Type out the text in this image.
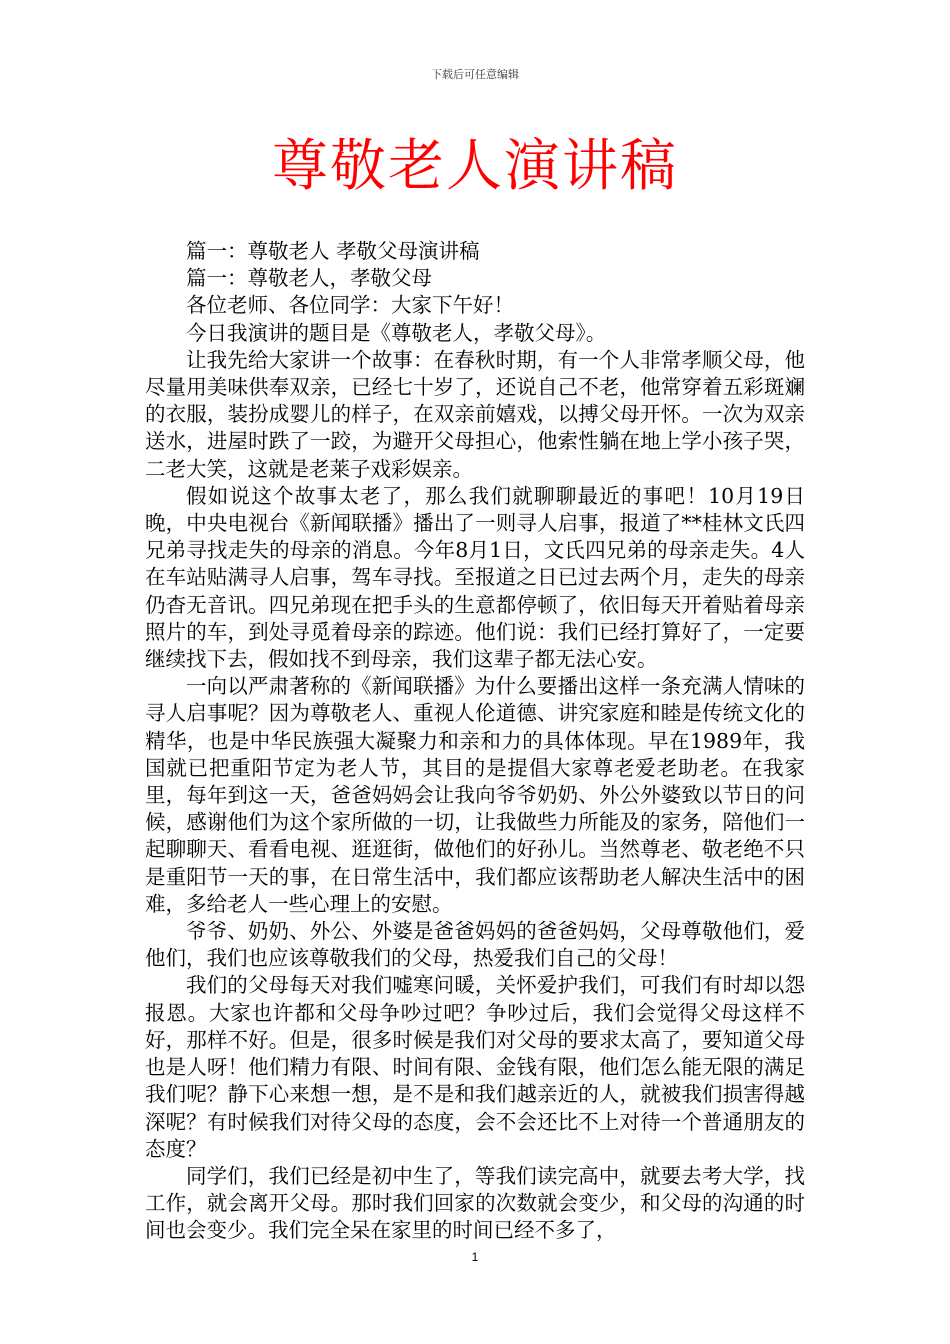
下载后可任意编辑
尊敬老人演讲稿

篇一：尊敬老人 孝敬父母演讲稿

篇一：尊敬老人，孝敬父母

各位老师、各位同学：大家下午好！

今日我演讲的题目是《尊敬老人，孝敬父母》。

让我先给大家讲一个故事：在春秋时期，有一个人非常孝顺父母，他尽量用美味供奉双亲，已经七十岁了，还说自己不老，他常穿着五彩斑斓的衣服，装扮成婴儿的样子，在双亲前嬉戏，以搏父母开怀。一次为双亲送水，进屋时跌了一跤，为避开父母担心，他索性躺在地上学小孩子哭，二老大笑，这就是老莱子戏彩娱亲。

假如说这个故事太老了，那么我们就聊聊最近的事吧！10月19日晚，中央电视台《新闻联播》播出了一则寻人启事，报道了**桂林文氏四兄弟寻找走失的母亲的消息。今年8月1日，文氏四兄弟的母亲走失。4人在车站贴满寻人启事，驾车寻找。至报道之日已过去两个月，走失的母亲仍杳无音讯。四兄弟现在把手头的生意都停顿了，依旧每天开着贴着母亲照片的车，到处寻觅着母亲的踪迹。他们说：我们已经打算好了，一定要继续找下去，假如找不到母亲，我们这辈子都无法心安。

一向以严肃著称的《新闻联播》为什么要播出这样一条充满人情味的寻人启事呢？因为尊敬老人、重视人伦道德、讲究家庭和睦是传统文化的精华，也是中华民族强大凝聚力和亲和力的具体体现。早在1989年，我国就已把重阳节定为老人节，其目的是提倡大家尊老爱老助老。在我家里，每年到这一天，爸爸妈妈会让我向爷爷奶奶、外公外婆致以节日的问候，感谢他们为这个家所做的一切，让我做些力所能及的家务，陪他们一起聊聊天、看看电视、逛逛街，做他们的好孙儿。当然尊老、敬老绝不只是重阳节一天的事，在日常生活中，我们都应该帮助老人解决生活中的困难，多给老人一些心理上的安慰。

爷爷、奶奶、外公、外婆是爸爸妈妈的爸爸妈妈，父母尊敬他们，爱他们，我们也应该尊敬我们的父母，热爱我们自己的父母！

我们的父母每天对我们嘘寒问暖，关怀爱护我们，可我们有时却以怨报恩。大家也许都和父母争吵过吧？争吵过后，我们会觉得父母这样不好，那样不好。但是，很多时候是我们对父母的要求太高了，要知道父母也是人呀！他们精力有限、时间有限、金钱有限，他们怎么能无限的满足我们呢？静下心来想一想，是不是和我们越亲近的人，就被我们损害得越深呢？有时候我们对待父母的态度，会不会还比不上对待一个普通朋友的态度？

同学们，我们已经是初中生了，等我们读完高中，就要去考大学，找工作，就会离开父母。那时我们回家的次数就会变少，和父母的沟通的时间也会变少。我们完全呆在家里的时间已经不多了，

1
